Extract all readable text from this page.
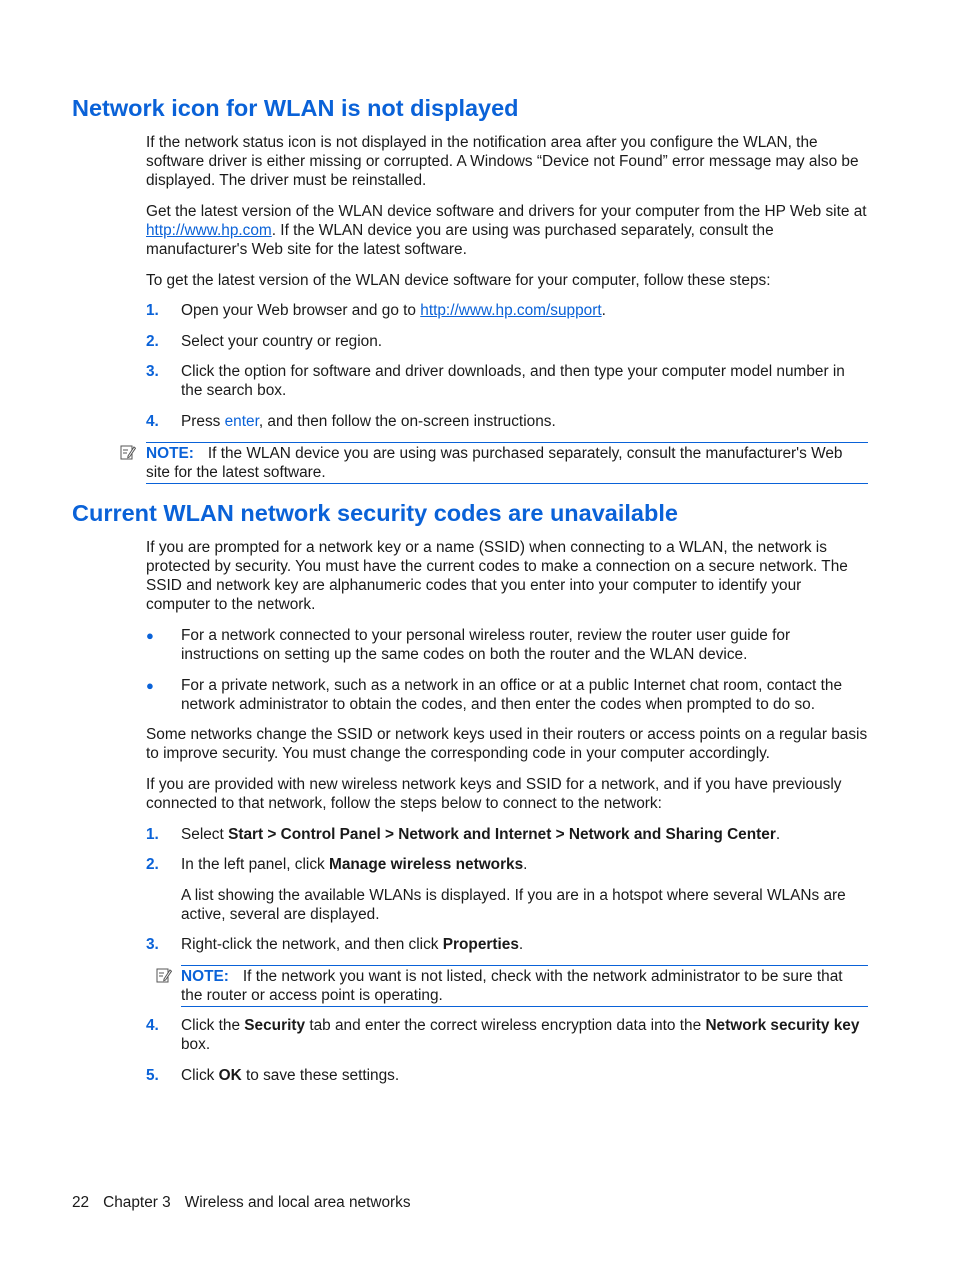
Network icon for WLAN is not displayed

If the network status icon is not displayed in the notification area after you configure the WLAN, the software driver is either missing or corrupted. A Windows “Device not Found” error message may also be displayed. The driver must be reinstalled.

Get the latest version of the WLAN device software and drivers for your computer from the HP Web site at http://www.hp.com. If the WLAN device you are using was purchased separately, consult the manufacturer's Web site for the latest software.

To get the latest version of the WLAN device software for your computer, follow these steps:

1. Open your Web browser and go to http://www.hp.com/support.
2. Select your country or region.
3. Click the option for software and driver downloads, and then type your computer model number in the search box.
4. Press enter, and then follow the on-screen instructions.
NOTE: If the WLAN device you are using was purchased separately, consult the manufacturer's Web site for the latest software.
Current WLAN network security codes are unavailable

If you are prompted for a network key or a name (SSID) when connecting to a WLAN, the network is protected by security. You must have the current codes to make a connection on a secure network. The SSID and network key are alphanumeric codes that you enter into your computer to identify your computer to the network.

● For a network connected to your personal wireless router, review the router user guide for instructions on setting up the same codes on both the router and the WLAN device.
● For a private network, such as a network in an office or at a public Internet chat room, contact the network administrator to obtain the codes, and then enter the codes when prompted to do so.

Some networks change the SSID or network keys used in their routers or access points on a regular basis to improve security. You must change the corresponding code in your computer accordingly.

If you are provided with new wireless network keys and SSID for a network, and if you have previously connected to that network, follow the steps below to connect to the network:

1. Select Start > Control Panel > Network and Internet > Network and Sharing Center.
2. In the left panel, click Manage wireless networks.
A list showing the available WLANs is displayed. If you are in a hotspot where several WLANs are active, several are displayed.
3. Right-click the network, and then click Properties.
NOTE: If the network you want is not listed, check with the network administrator to be sure that the router or access point is operating.
4. Click the Security tab and enter the correct wireless encryption data into the Network security key box.
5. Click OK to save these settings.
22 Chapter 3 Wireless and local area networks
